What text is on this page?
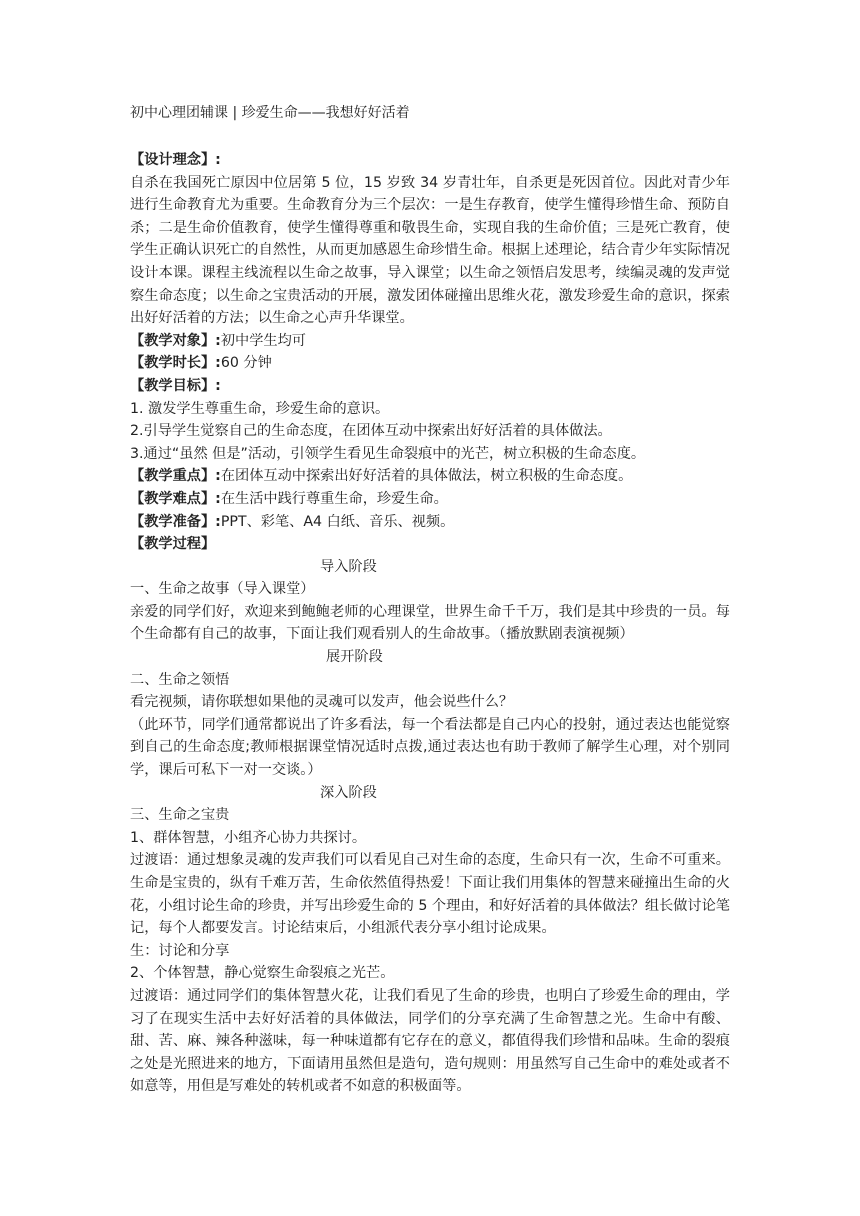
初中心理团辅课 | 珍爱生命——我想好好活着

【设计理念】:

自杀在我国死亡原因中位居第 5 位，15 岁致 34 岁青壮年，自杀更是死因首位。因此对青少年进行生命教育尤为重要。生命教育分为三个层次：一是生存教育，使学生懂得珍惜生命、预防自杀；二是生命价值教育，使学生懂得尊重和敬畏生命，实现自我的生命价值；三是死亡教育，使学生正确认识死亡的自然性，从而更加感恩生命珍惜生命。根据上述理论，结合青少年实际情况设计本课。课程主线流程以生命之故事，导入课堂；以生命之领悟启发思考，续编灵魂的发声觉察生命态度；以生命之宝贵活动的开展，激发团体碰撞出思维火花，激发珍爱生命的意识，探索出好好活着的方法；以生命之心声升华课堂。

【教学对象】:初中学生均可

【教学时长】:60 分钟

【教学目标】:

1. 激发学生尊重生命，珍爱生命的意识。

2.引导学生觉察自己的生命态度，在团体互动中探索出好好活着的具体做法。

3.通过“虽然 但是”活动，引领学生看见生命裂痕中的光芒，树立积极的生命态度。

【教学重点】:在团体互动中探索出好好活着的具体做法，树立积极的生命态度。

【教学难点】:在生活中践行尊重生命，珍爱生命。

【教学准备】:PPT、彩笔、A4 白纸、音乐、视频。

【教学过程】

导入阶段

一、生命之故事（导入课堂）

亲爱的同学们好，欢迎来到鲍鲍老师的心理课堂，世界生命千千万，我们是其中珍贵的一员。每个生命都有自己的故事，下面让我们观看别人的生命故事。（播放默剧表演视频）

展开阶段

二、生命之领悟

看完视频，请你联想如果他的灵魂可以发声，他会说些什么？

（此环节，同学们通常都说出了许多看法，每一个看法都是自己内心的投射，通过表达也能觉察到自己的生命态度;教师根据课堂情况适时点拨,通过表达也有助于教师了解学生心理，对个别同学，课后可私下一对一交谈。）

深入阶段

三、生命之宝贵

1、群体智慧，小组齐心协力共探讨。

过渡语：通过想象灵魂的发声我们可以看见自己对生命的态度，生命只有一次，生命不可重来。生命是宝贵的，纵有千难万苦，生命依然值得热爱！下面让我们用集体的智慧来碰撞出生命的火花，小组讨论生命的珍贵，并写出珍爱生命的 5 个理由，和好好活着的具体做法？组长做讨论笔记，每个人都要发言。讨论结束后，小组派代表分享小组讨论成果。

生：讨论和分享

2、个体智慧，静心觉察生命裂痕之光芒。

过渡语：通过同学们的集体智慧火花，让我们看见了生命的珍贵，也明白了珍爱生命的理由，学习了在现实生活中去好好活着的具体做法，同学们的分享充满了生命智慧之光。生命中有酸、甜、苦、麻、辣各种滋味，每一种味道都有它存在的意义，都值得我们珍惜和品味。生命的裂痕之处是光照进来的地方，下面请用虽然但是造句，造句规则：用虽然写自己生命中的难处或者不如意等，用但是写难处的转机或者不如意的积极面等。
